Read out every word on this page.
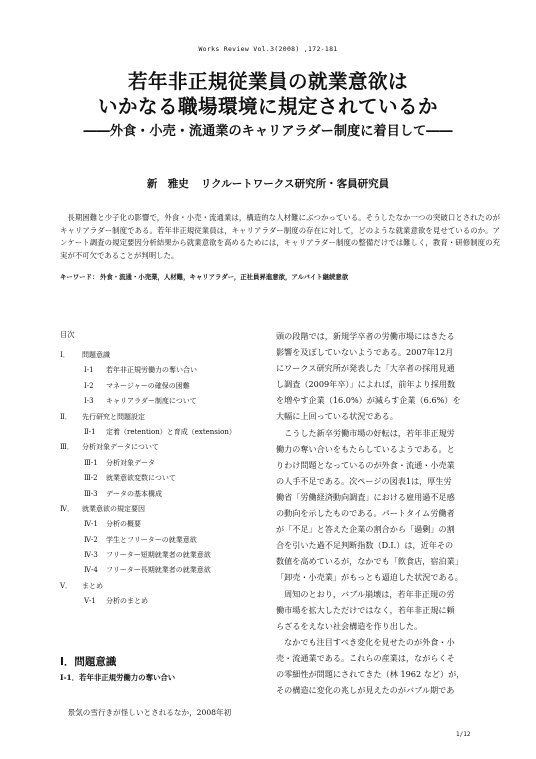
Works Review Vol.3(2008) ,172-181
若年非正規従業員の就業意欲は
いかなる職場環境に規定されているか
――外食・小売・流通業のキャリアラダー制度に着目して――
新　雅史 リクルートワークス研究所・客員研究員
長期困難と少子化の影響で，外食・小売・流通業は，構造的な人材難にぶつかっている。そうしたなか一つの突破口とされたのがキャリアラダー制度である。若年非正規従業員は，キャリアラダー制度の存在に対して，どのような就業意欲を見せているのか。アンケート調査の規定要因分析結果から就業意欲を高めるためには，キャリアラダー制度の整備だけでは難しく，教育・研修制度の充実が不可欠であることが判明した。
キーワード： 外食・流通・小売業，人材難，キャリアラダー，正社員昇進意欲，アルバイト継続意欲
目次
Ⅰ． 問題意識
Ⅰ-1 若年非正規労働力の奪い合い
Ⅰ-2 マネージャーの確保の困難
Ⅰ-3 キャリアラダー制度について
Ⅱ． 先行研究と問題設定
Ⅱ-1 定着（retention）と育成（extension）
Ⅲ． 分析対象データについて
Ⅲ-1 分析対象データ
Ⅲ-2 就業意欲変数について
Ⅲ-3 データの基本構成
Ⅳ． 就業意欲の規定要因
Ⅳ-1 分析の概要
Ⅳ-2 学生とフリーターの就業意欲
Ⅳ-3 フリーター短期就業者の就業意欲
Ⅳ-4 フリーター長期就業者の就業意欲
Ⅴ． まとめ
Ⅴ-1 分析のまとめ
Ⅰ．問題意識
Ⅰ-1．若年非正規労働力の奪い合い
景気の雪行きが怪しいとされるなか，2008年初
頭の段階では，新規学卒者の労働市場にはきたる
影響を及ぼしていないようである。2007年12月
にワークス研究所が発表した「大卒者の採用見通
し調査（2009年卒）」によれば，前年より採用数
を増やす企業（16.0%）が減らす企業（6.6%）を
大幅に上回っている状況である。
　こうした新卒労働市場の好転は，若年非正規労
働力の奪い合いをもたらしているようである。と
りわけ問題となっているのが外食・流通・小売業
の人手不足である。次ページの図表1は，厚生労
働省「労働経済動向調査」における雇用過不足感
の動向を示したものである。パートタイム労働者
が「不足」と答えた企業の割合から「過剰」の割
合を引いた過不足判断指数（D.I.）は，近年その
数値を高めているが，なかでも「飲食店，宿泊業」
「卸売・小売業」がもっとも逼迫した状況である。
　周知のとおり，バブル崩壊は，若年非正規の労
働市場を拡大しただけではなく，若年非正規に頼
らざるをえない社会構造を作り出した。
　なかでも注目すべき変化を見せたのが外食・小
売・流通業である。これらの産業は，ながらくそ
の零細性が問題にされてきた（林 1962 など）が，
その構造に変化の兆しが見えたのがバブル期であ
1/12
